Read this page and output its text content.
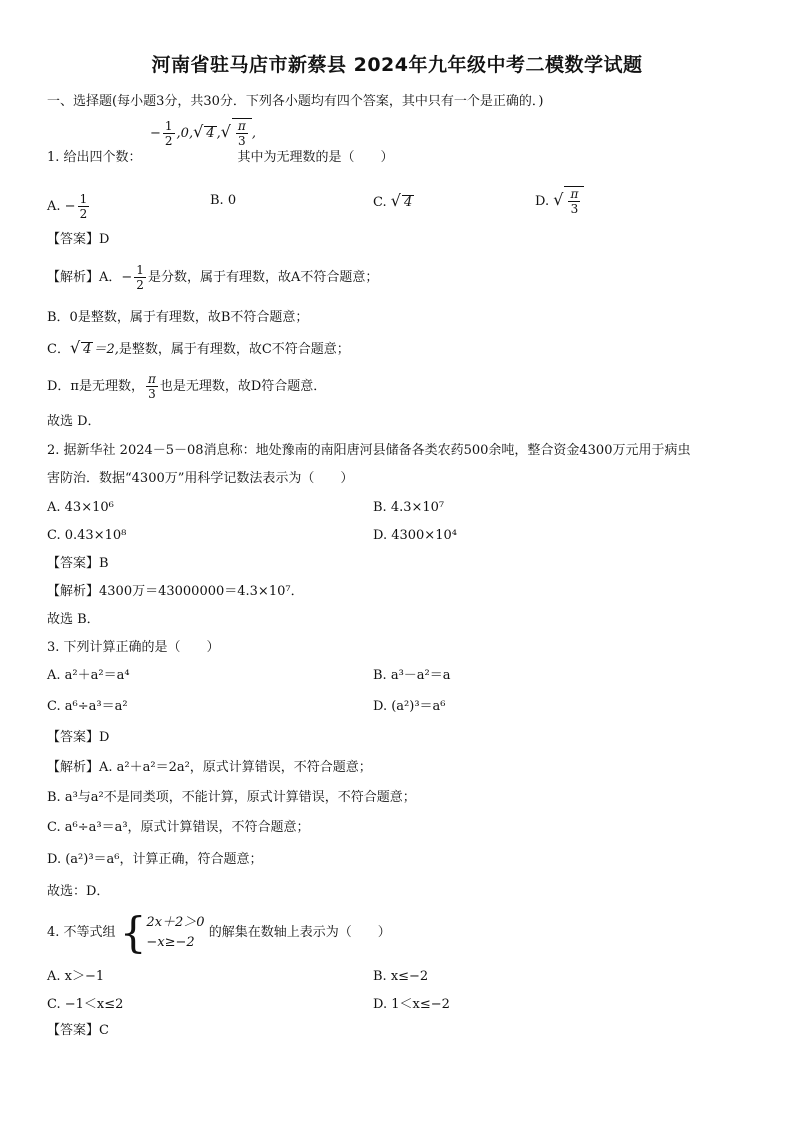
河南省驻马店市新蔡县 2024年九年级中考二模数学试题
一、选择题(每小题3分，共30分．下列各小题均有四个答案，其中只有一个是正确的．)
− $\frac{1}{2} ,0,√$ 4 ,√ $\frac{\pi}{3}$ ,
1. 给出四个数：	其中为无理数的是（　　）
A. − $\frac{1}{2}$	B. 0	C. √ 4	D. √ $\frac{\pi}{3}$
【答案】D
【解析】A．− $\frac{1}{2}$ 是分数，属于有理数，故A不符合题意；
B．0是整数，属于有理数，故B不符合题意；
C．√ 4 ＝2,是整数，属于有理数，故C不符合题意；
D．π是无理数， $\frac{\pi}{3}$ 也是无理数，故D符合题意．
故选 D．
2. 据新华社 2024－5－08消息称：地处豫南的南阳唐河县储备各类农药500余吨，整合资金4300万元用于病虫
害防治．数据“4300万”用科学记数法表示为（　　）
A. 43×10⁶	B. 4.3×10⁷
C. 0.43×10⁸	D. 4300×10⁴
【答案】B
【解析】4300万＝43000000＝4.3×10⁷．
故选 B．
3. 下列计算正确的是（　　）
A. a²＋a²＝a⁴	B. a³－a²＝a
C. a⁶÷a³＝a²	D. (a²)³＝a⁶
【答案】D
【解析】A. a²＋a²＝2a²，原式计算错误，不符合题意；
B. a³与a²不是同类项，不能计算，原式计算错误，不符合题意；
C. a⁶÷a³＝a³，原式计算错误，不符合题意；
D. (a²)³＝a⁶，计算正确，符合题意；
故选：D．
4. 不等式组 { 2x＋2＞0
−x≥−2
的解集在数轴上表示为（　　）
A. x＞−1	B. x≤−2
C. −1＜x≤2	D. 1＜x≤−2
【答案】C
